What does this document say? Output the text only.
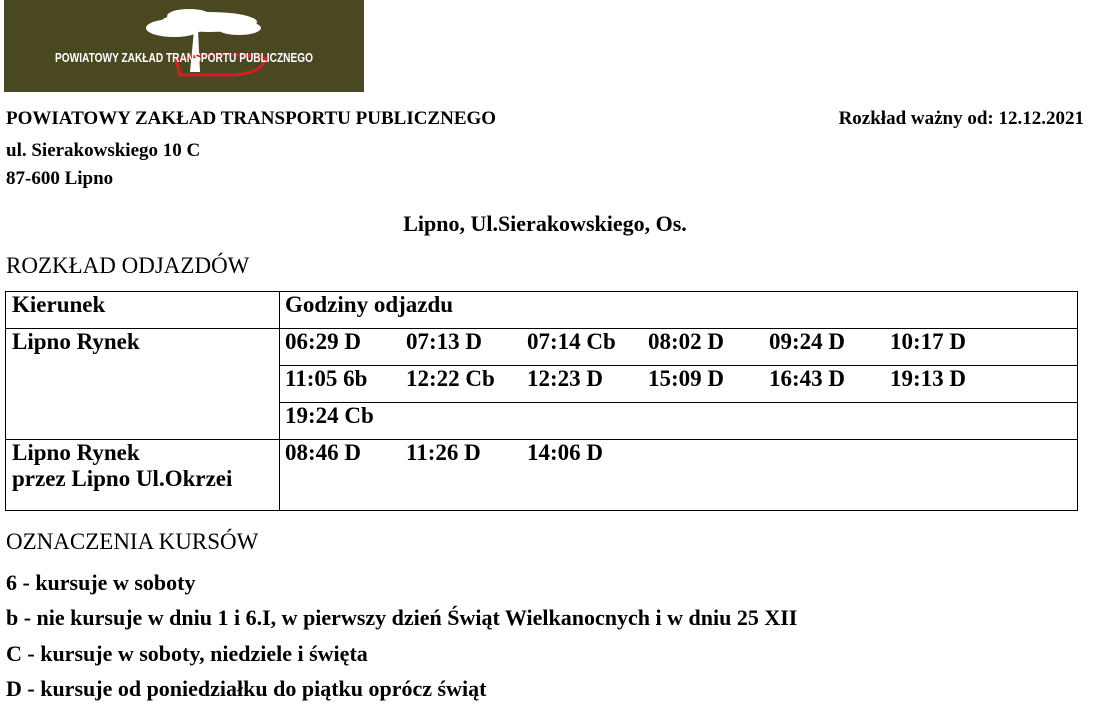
POWIATOWY ZAKŁAD TRANSPORTU PUBLICZNEGO
POWIATOWY ZAKŁAD TRANSPORTU PUBLICZNEGO
ul. Sierakowskiego 10 C
87-600 Lipno
Rozkład ważny od: 12.12.2021
Lipno, Ul.Sierakowskiego, Os.
ROZKŁAD ODJAZDÓW
Kierunek	Godziny odjazdu

Lipno Rynek	06:29 D 07:13 D 07:14 Cb 08:02 D 09:24 D 10:17 D
	11:05 6b 12:22 Cb 12:23 D 15:09 D 16:43 D 19:13 D
	19:24 Cb

Lipno Rynek
przez Lipno Ul.Okrzei	08:46 D 11:26 D 14:06 D
OZNACZENIA KURSÓW
6 - kursuje w soboty
b - nie kursuje w dniu 1 i 6.I, w pierwszy dzień Świąt Wielkanocnych i w dniu 25 XII
C - kursuje w soboty, niedziele i święta
D - kursuje od poniedziałku do piątku oprócz świąt
